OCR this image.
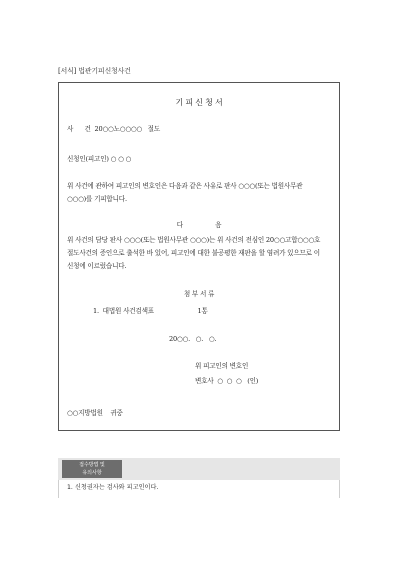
[서식] 법관기피신청사건
기 피 신 청 서
사      건  20○○노○○○○   절도
신청인(피고인) ○ ○ ○
위 사건에 관하여 피고인의 변호인은 다음과 같은 사유로 판사 ○○○(또는 법원사무관 ○○○)를 기피합니다.
다                 음
위 사건의 담당 판사 ○○○(또는 법원사무관 ○○○)는 위 사건의 전심인 20○○고합○○○호 절도사건의 증인으로 출석한 바 있어, 피고인에 대한 불공평한 재판을 할 염려가 있으므로 이 신청에 이르렀습니다.
첨 부 서 류
1.  대법원 사건검색표                       1통
20○○.   ○.   ○.
위 피고인의 변호인
변호사  ○  ○  ○   (인)
○○지방법원    귀중
접수방법 및
유의사항
1. 신청권자는 검사와 피고인이다.
